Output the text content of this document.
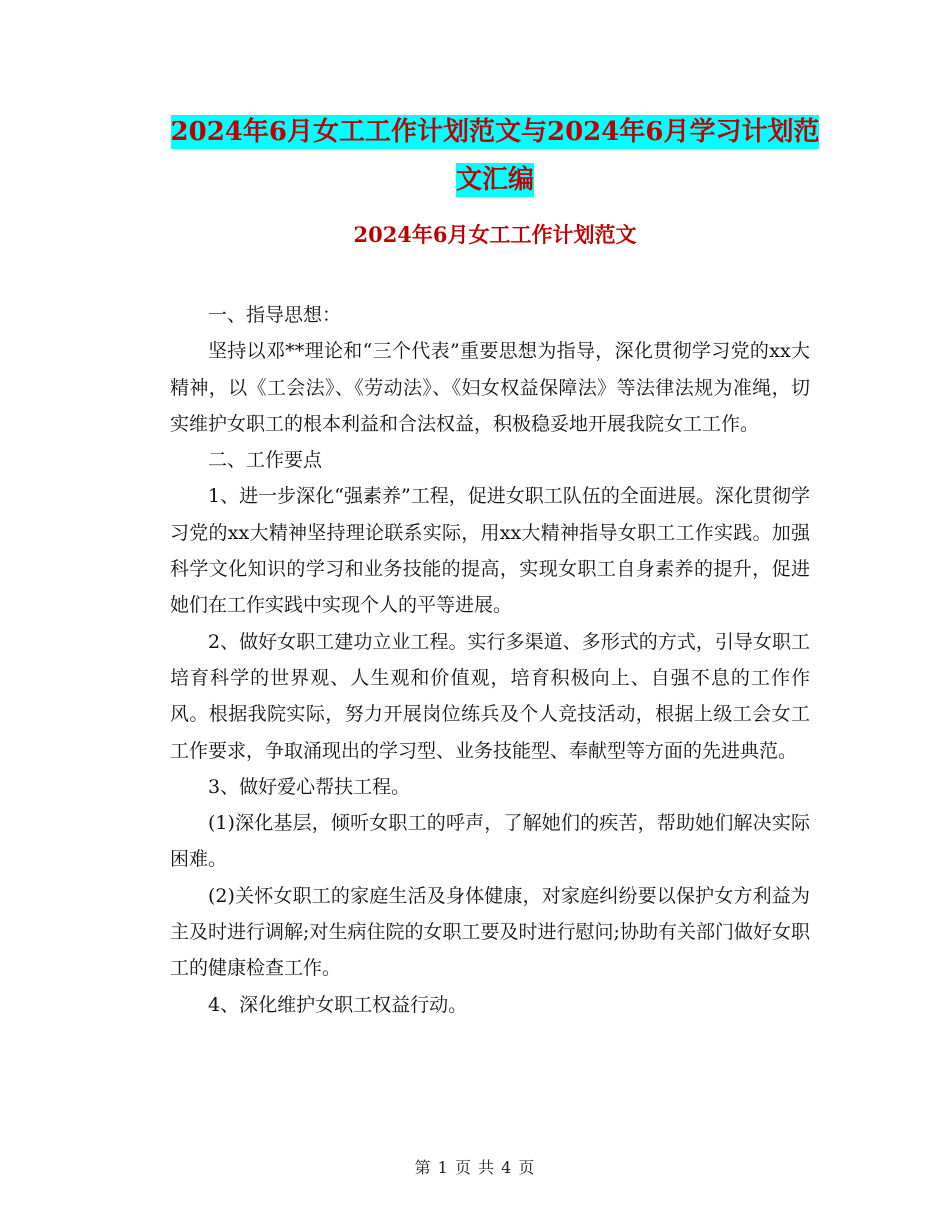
2024年6月女工工作计划范文与2024年6月学习计划范文汇编
2024年6月女工工作计划范文

一、指导思想：

坚持以邓**理论和“三个代表”重要思想为指导，深化贯彻学习党的xx大精神，以《工会法》、《劳动法》、《妇女权益保障法》等法律法规为准绳，切实维护女职工的根本利益和合法权益，积极稳妥地开展我院女工工作。

二、工作要点

1、进一步深化“强素养”工程，促进女职工队伍的全面进展。深化贯彻学习党的xx大精神坚持理论联系实际，用xx大精神指导女职工工作实践。加强科学文化知识的学习和业务技能的提高，实现女职工自身素养的提升，促进她们在工作实践中实现个人的平等进展。

2、做好女职工建功立业工程。实行多渠道、多形式的方式，引导女职工培育科学的世界观、人生观和价值观，培育积极向上、自强不息的工作作风。根据我院实际，努力开展岗位练兵及个人竞技活动，根据上级工会女工工作要求，争取涌现出的学习型、业务技能型、奉献型等方面的先进典范。

3、做好爱心帮扶工程。

(1)深化基层，倾听女职工的呼声，了解她们的疾苦，帮助她们解决实际困难。

(2)关怀女职工的家庭生活及身体健康，对家庭纠纷要以保护女方利益为主及时进行调解;对生病住院的女职工要及时进行慰问;协助有关部门做好女职工的健康检查工作。

4、深化维护女职工权益行动。

第 1 页 共 4 页
